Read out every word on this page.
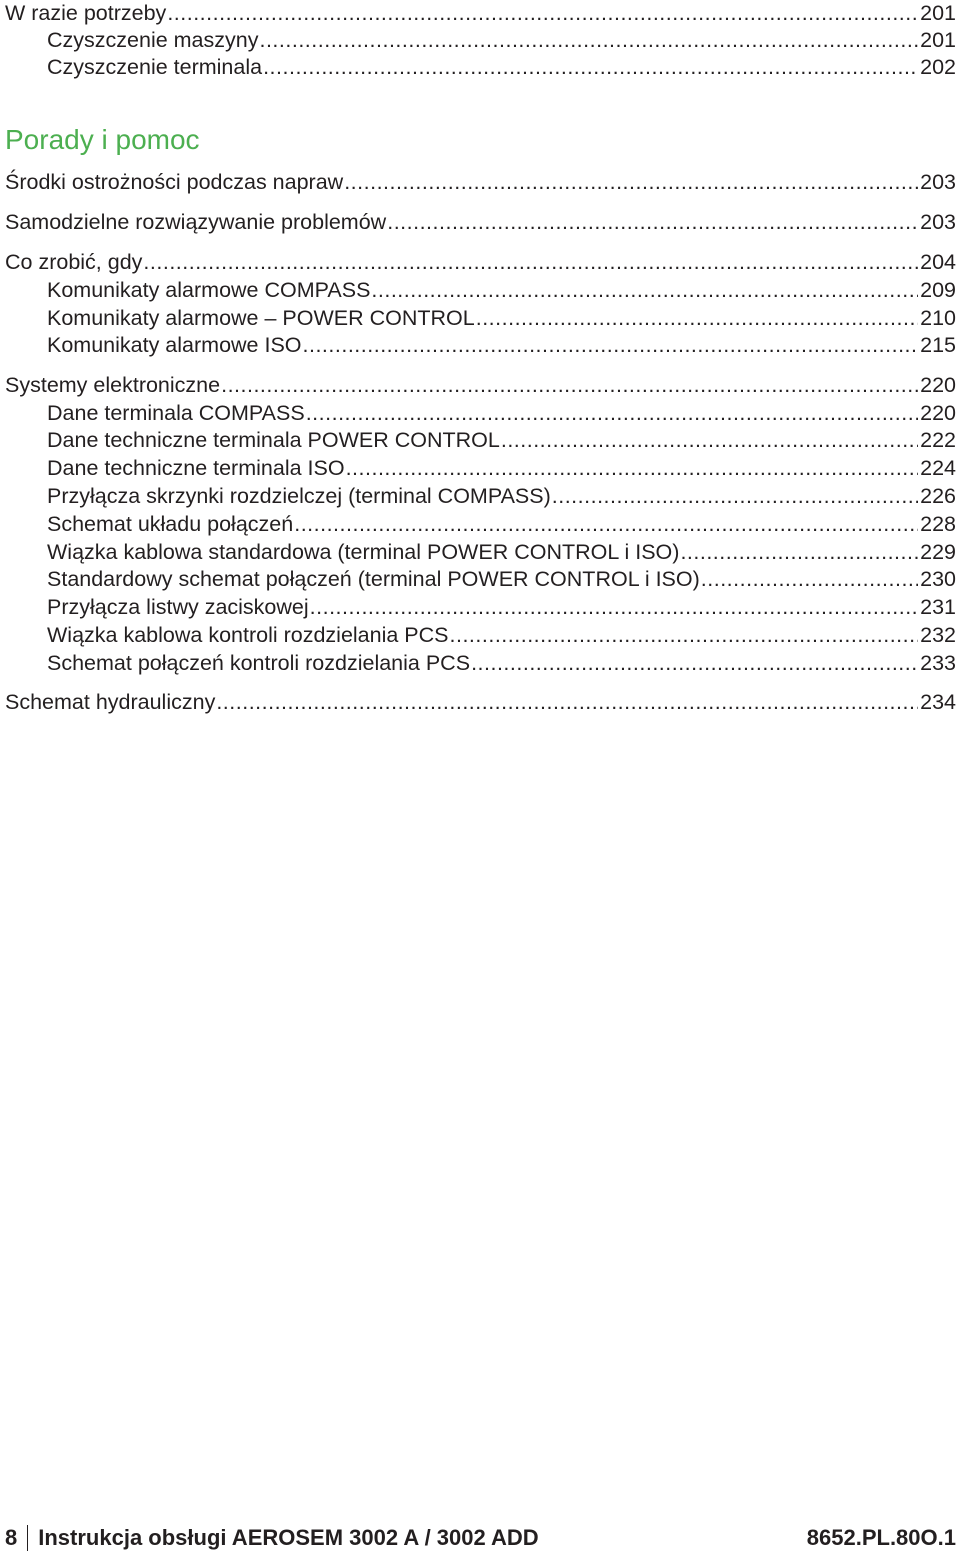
W razie potrzeby .....	201
Czyszczenie maszyny .....	201
Czyszczenie terminala .....	202
Porady i pomoc
Środki ostrożności podczas napraw .....	203
Samodzielne rozwiązywanie problemów .....	203
Co zrobić, gdy .....	204
Komunikaty alarmowe COMPASS .....	209
Komunikaty alarmowe – POWER CONTROL .....	210
Komunikaty alarmowe ISO .....	215
Systemy elektroniczne .....	220
Dane terminala COMPASS .....	220
Dane techniczne terminala POWER CONTROL .....	222
Dane techniczne terminala ISO .....	224
Przyłącza skrzynki rozdzielczej (terminal COMPASS) .....	226
Schemat układu połączeń .....	228
Wiązka kablowa standardowa (terminal POWER CONTROL i ISO) .....	229
Standardowy schemat połączeń (terminal POWER CONTROL i ISO) .....	230
Przyłącza listwy zaciskowej .....	231
Wiązka kablowa kontroli rozdzielania PCS .....	232
Schemat połączeń kontroli rozdzielania PCS .....	233
Schemat hydrauliczny .....	234
8 Instrukcja obsługi AEROSEM 3002 A / 3002 ADD	8652.PL.80O.1
